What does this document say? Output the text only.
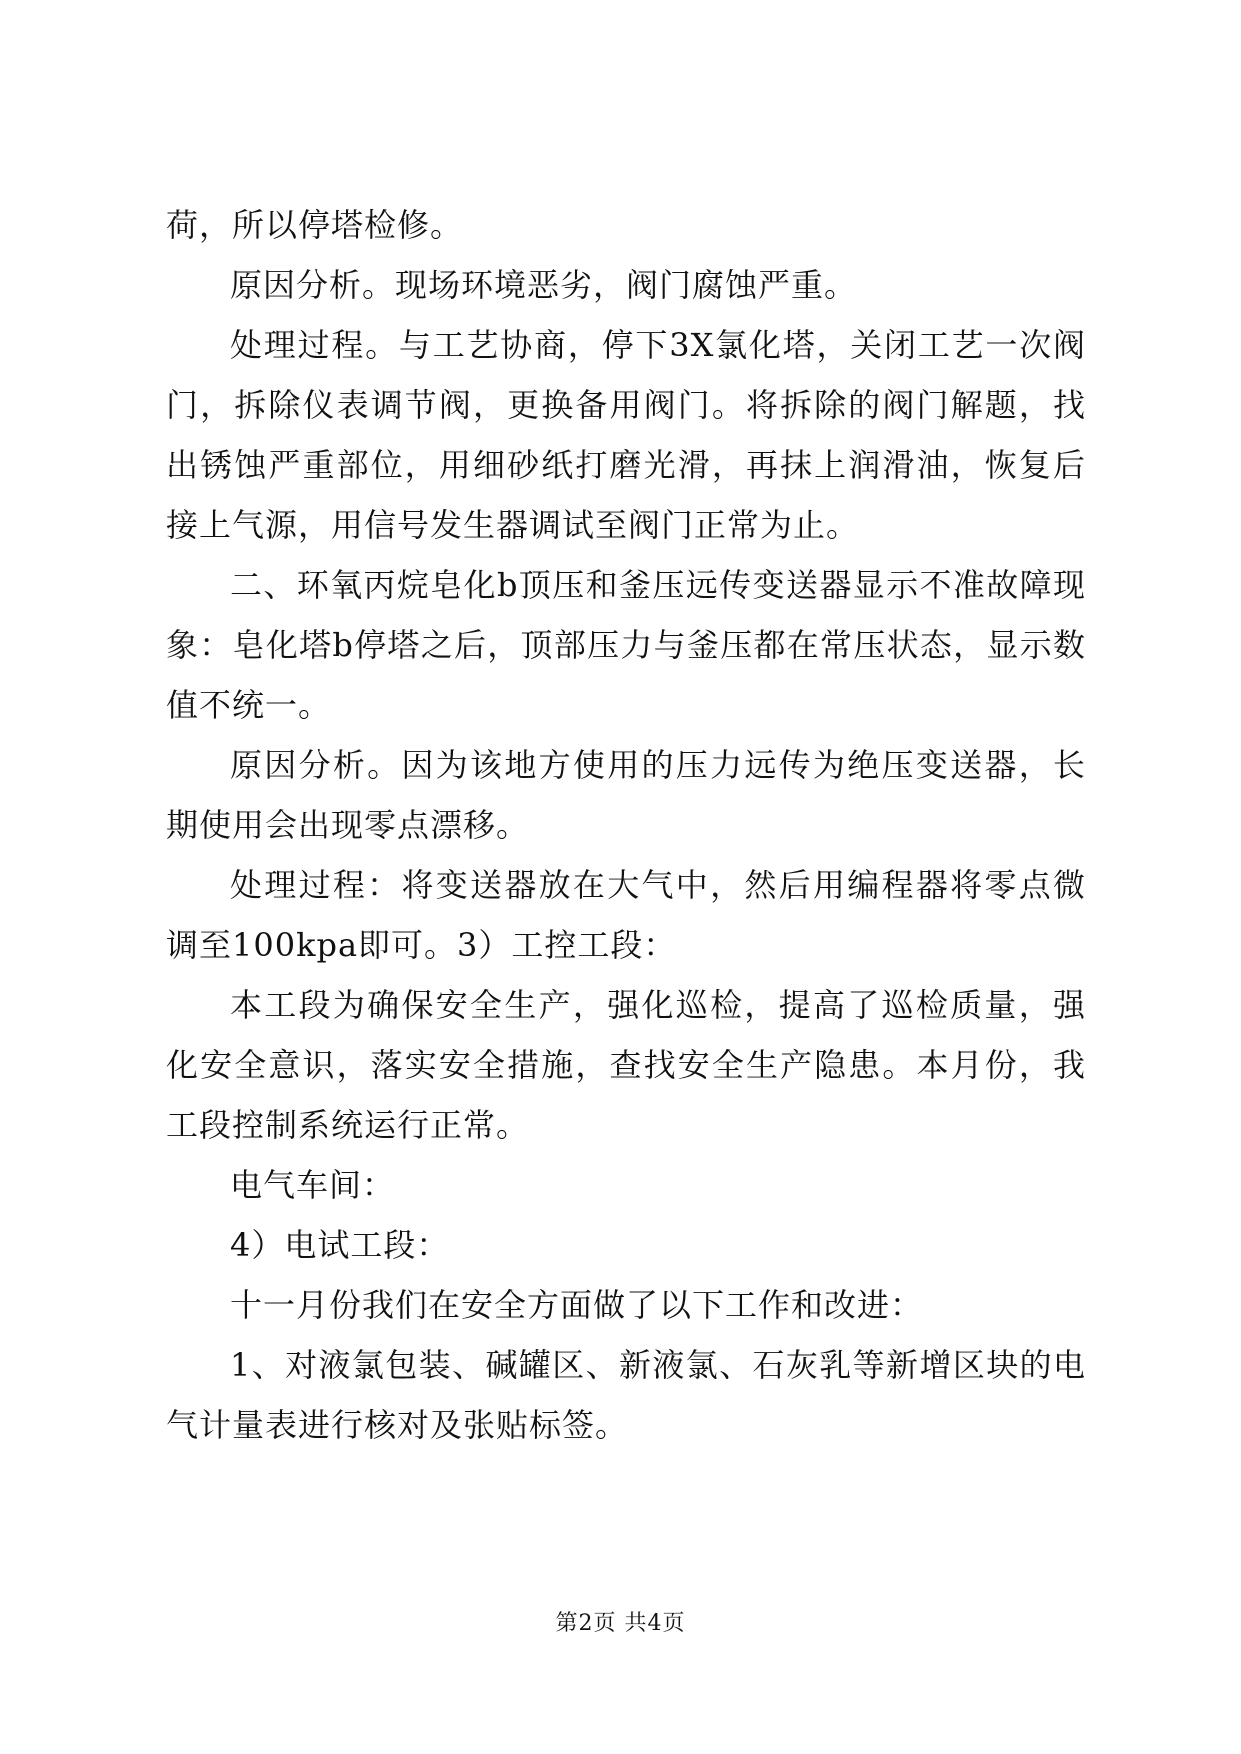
荷，所以停塔检修。

原因分析。现场环境恶劣，阀门腐蚀严重。

处理过程。与工艺协商，停下3X氯化塔，关闭工艺一次阀门，拆除仪表调节阀，更换备用阀门。将拆除的阀门解题，找出锈蚀严重部位，用细砂纸打磨光滑，再抹上润滑油，恢复后接上气源，用信号发生器调试至阀门正常为止。

二、环氧丙烷皂化b顶压和釜压远传变送器显示不准故障现象：皂化塔b停塔之后，顶部压力与釜压都在常压状态，显示数值不统一。

原因分析。因为该地方使用的压力远传为绝压变送器，长期使用会出现零点漂移。

处理过程：将变送器放在大气中，然后用编程器将零点微调至100kpa即可。3）工控工段：

本工段为确保安全生产，强化巡检，提高了巡检质量，强化安全意识，落实安全措施，查找安全生产隐患。本月份，我工段控制系统运行正常。

电气车间：

4）电试工段：

十一月份我们在安全方面做了以下工作和改进：

1、对液氯包装、碱罐区、新液氯、石灰乳等新增区块的电气计量表进行核对及张贴标签。

第2页 共4页
